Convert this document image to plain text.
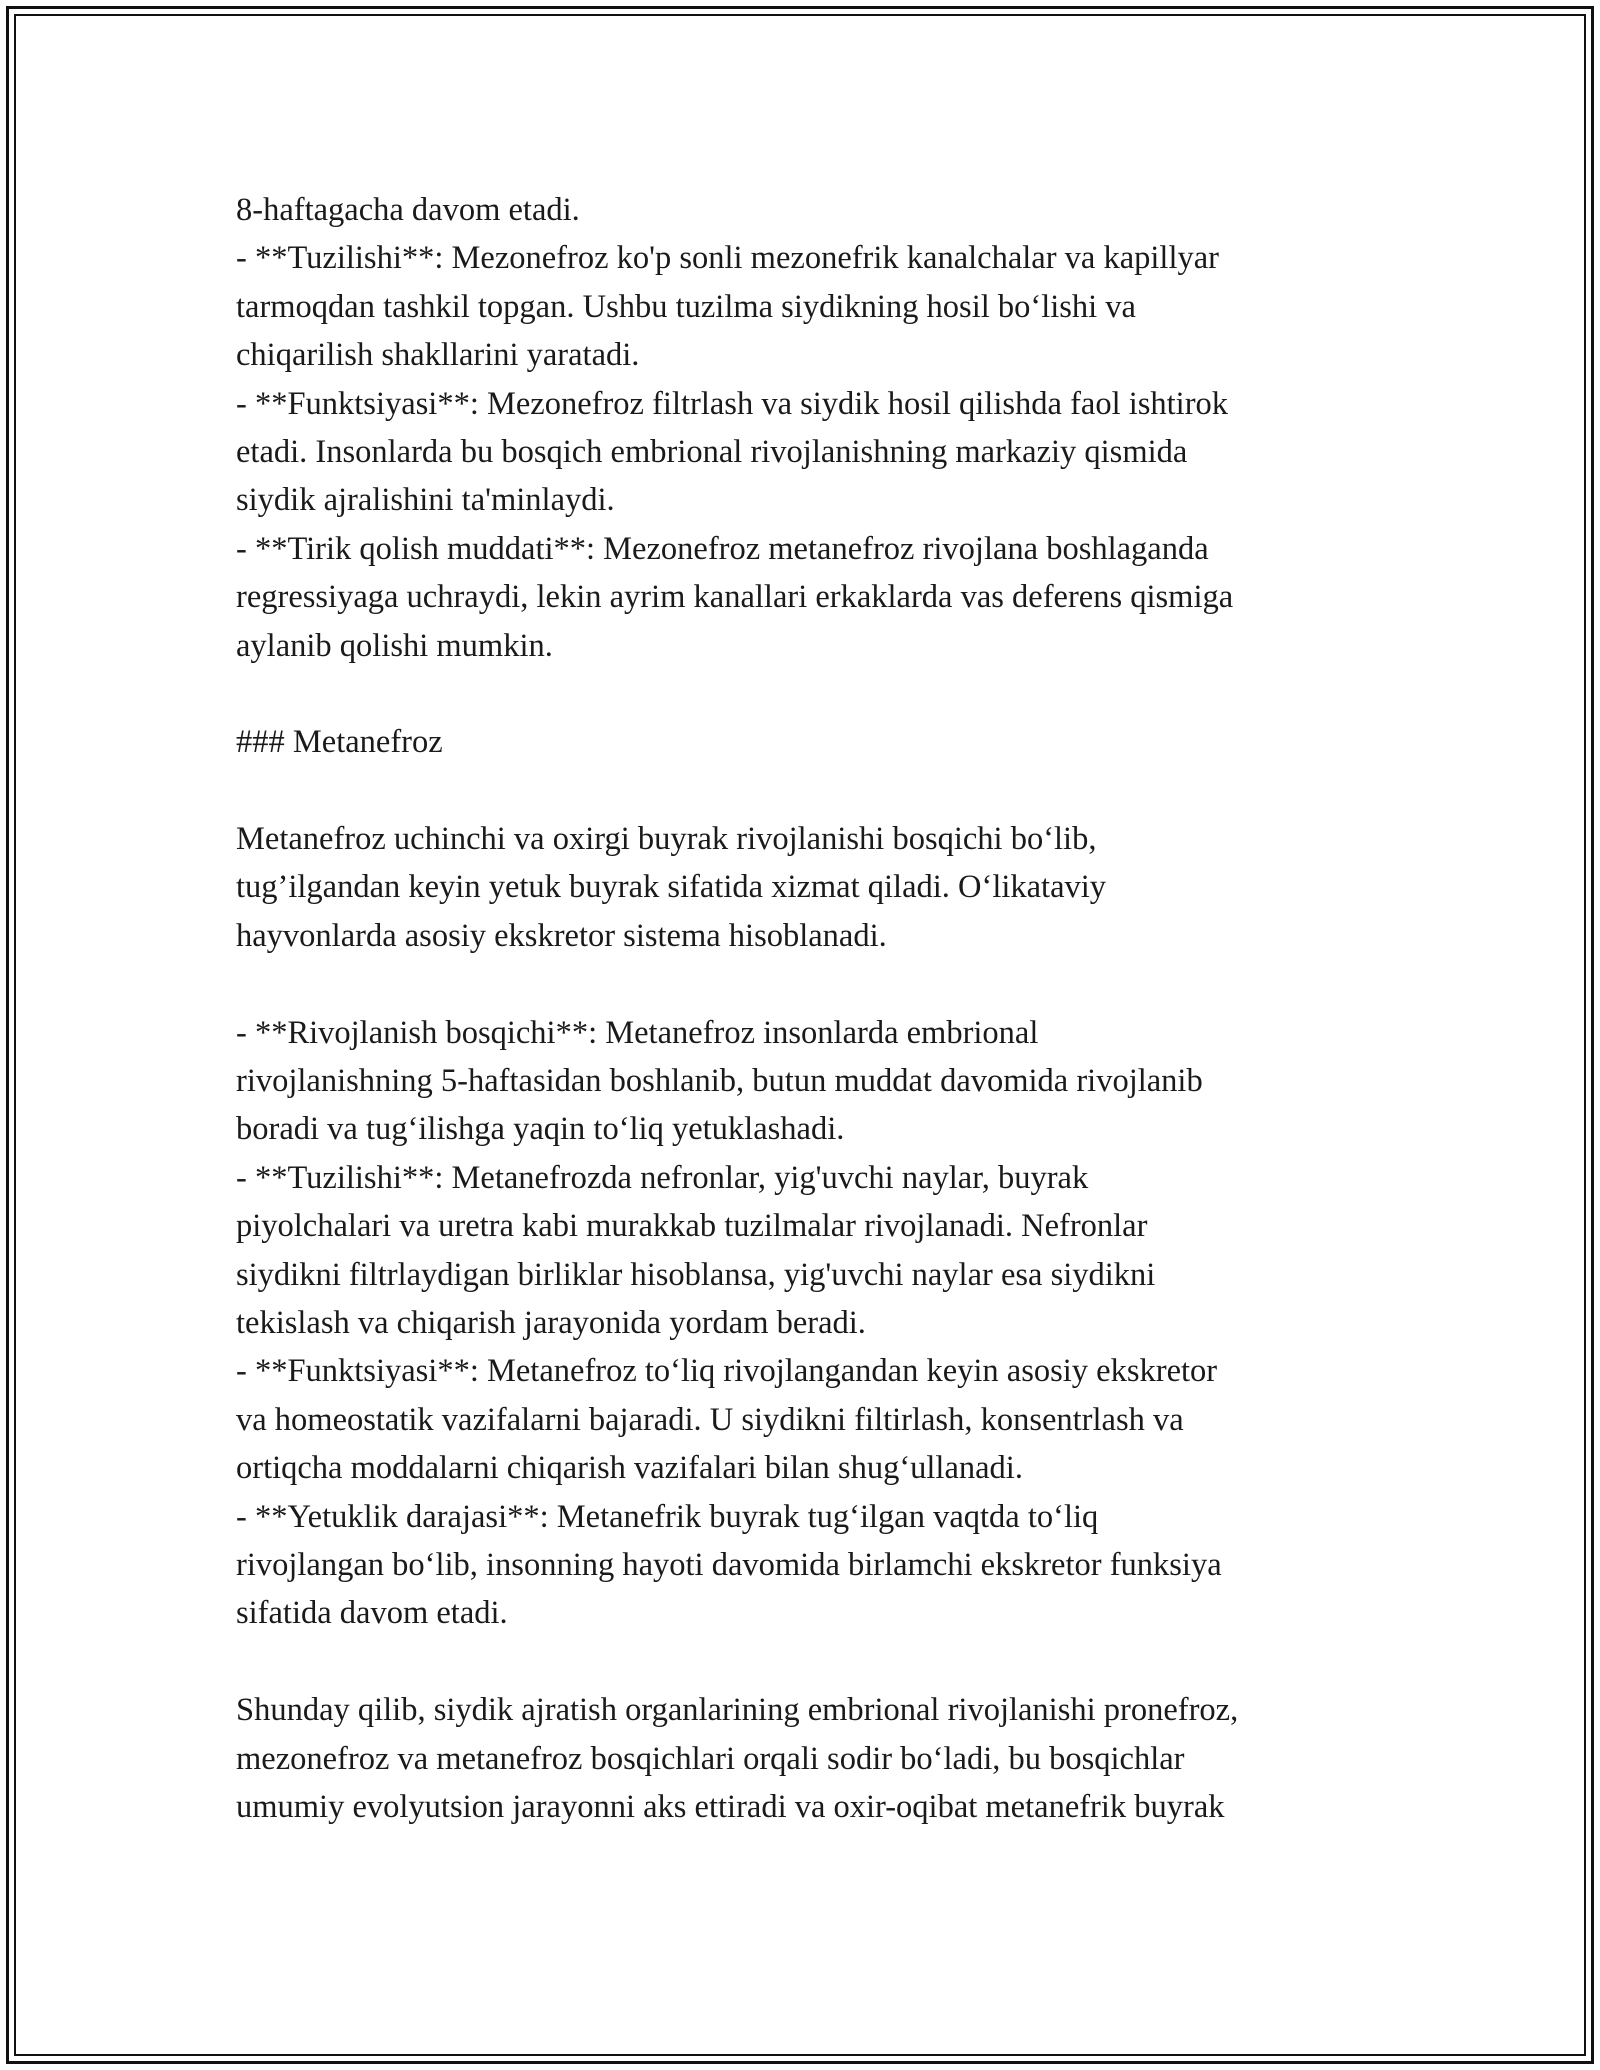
8-haftagacha davom etadi.
- **Tuzilishi**: Mezonefroz ko'p sonli mezonefrik kanalchalar va kapillyar
tarmoqdan tashkil topgan. Ushbu tuzilma siydikning hosil bo‘lishi va
chiqarilish shakllarini yaratadi.
- **Funktsiyasi**: Mezonefroz filtrlash va siydik hosil qilishda faol ishtirok
etadi. Insonlarda bu bosqich embrional rivojlanishning markaziy qismida
siydik ajralishini ta'minlaydi.
- **Tirik qolish muddati**: Mezonefroz metanefroz rivojlana boshlaganda
regressiyaga uchraydi, lekin ayrim kanallari erkaklarda vas deferens qismiga
aylanib qolishi mumkin.
### Metanefroz
Metanefroz uchinchi va oxirgi buyrak rivojlanishi bosqichi bo‘lib,
tug’ilgandan keyin yetuk buyrak sifatida xizmat qiladi. O‘likataviy
hayvonlarda asosiy ekskretor sistema hisoblanadi.
- **Rivojlanish bosqichi**: Metanefroz insonlarda embrional
rivojlanishning 5-haftasidan boshlanib, butun muddat davomida rivojlanib
boradi va tug‘ilishga yaqin to‘liq yetuklashadi.
- **Tuzilishi**: Metanefrozda nefronlar, yig'uvchi naylar, buyrak
piyolchalari va uretra kabi murakkab tuzilmalar rivojlanadi. Nefronlar
siydikni filtrlaydigan birliklar hisoblansa, yig'uvchi naylar esa siydikni
tekislash va chiqarish jarayonida yordam beradi.
- **Funktsiyasi**: Metanefroz to‘liq rivojlangandan keyin asosiy ekskretor
va homeostatik vazifalarni bajaradi. U siydikni filtirlash, konsentrlash va
ortiqcha moddalarni chiqarish vazifalari bilan shug‘ullanadi.
- **Yetuklik darajasi**: Metanefrik buyrak tug‘ilgan vaqtda to‘liq
rivojlangan bo‘lib, insonning hayoti davomida birlamchi ekskretor funksiya
sifatida davom etadi.
Shunday qilib, siydik ajratish organlarining embrional rivojlanishi pronefroz,
mezonefroz va metanefroz bosqichlari orqali sodir bo‘ladi, bu bosqichlar
umumiy evolyutsion jarayonni aks ettiradi va oxir-oqibat metanefrik buyrak
